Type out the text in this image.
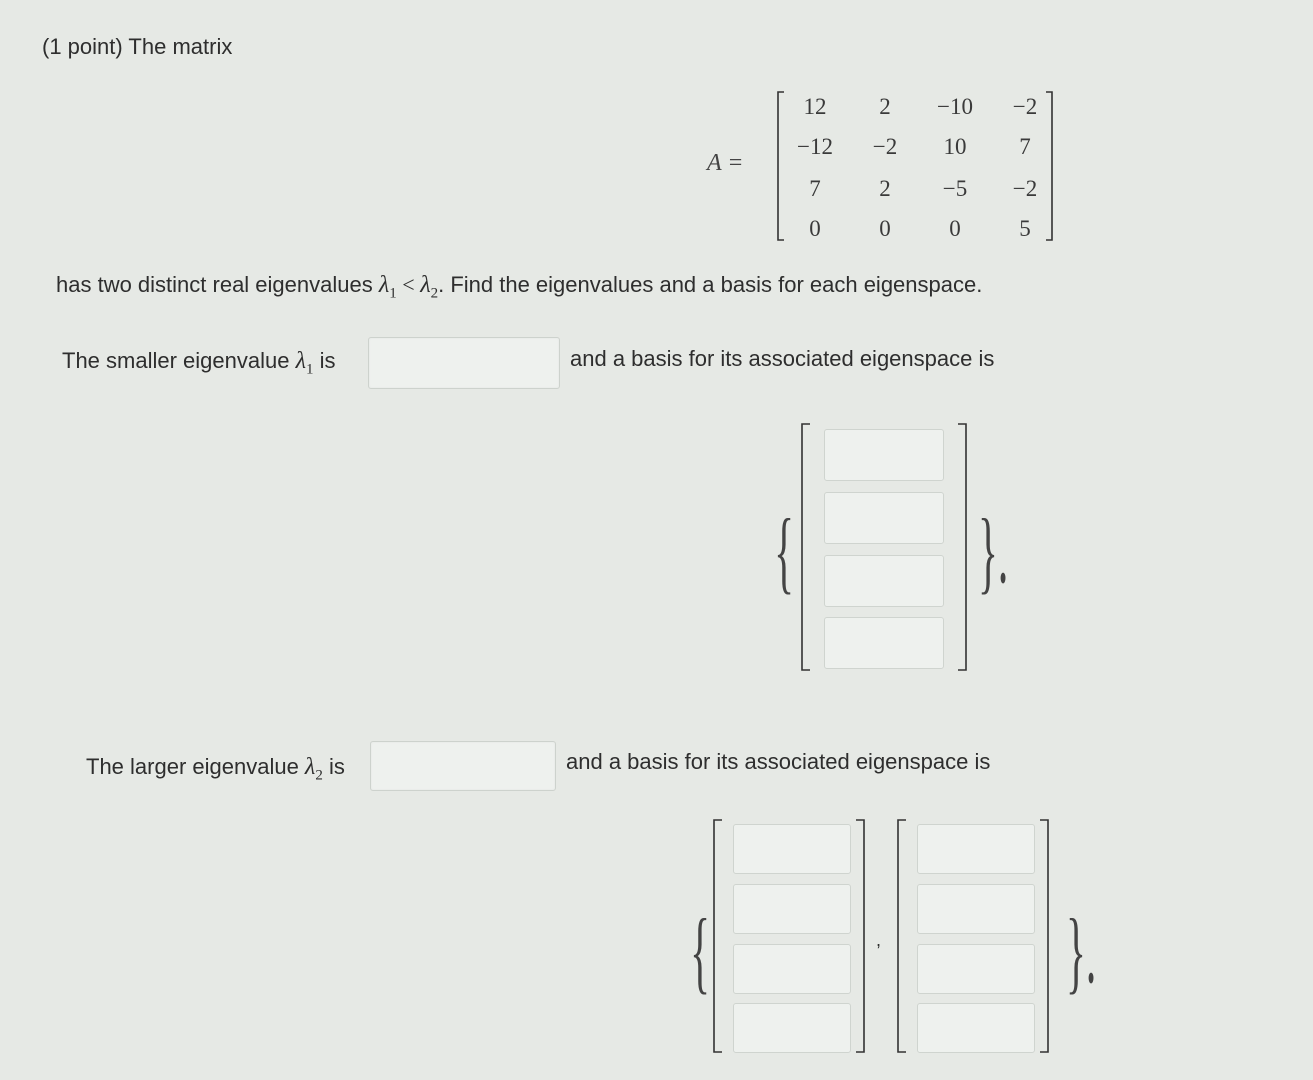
(1 point) The matrix
A =
12	2	−10	−2
−12	−2	10	7
7	2	−5	−2
0	0	0	5
has two distinct real eigenvalues $\lambda_1 < \lambda_2$. Find the eigenvalues and a basis for each eigenspace.
The smaller eigenvalue $\lambda_1$ is	and a basis for its associated eigenspace is
{ }.
The larger eigenvalue $\lambda_2$ is	and a basis for its associated eigenspace is
{	, }.
